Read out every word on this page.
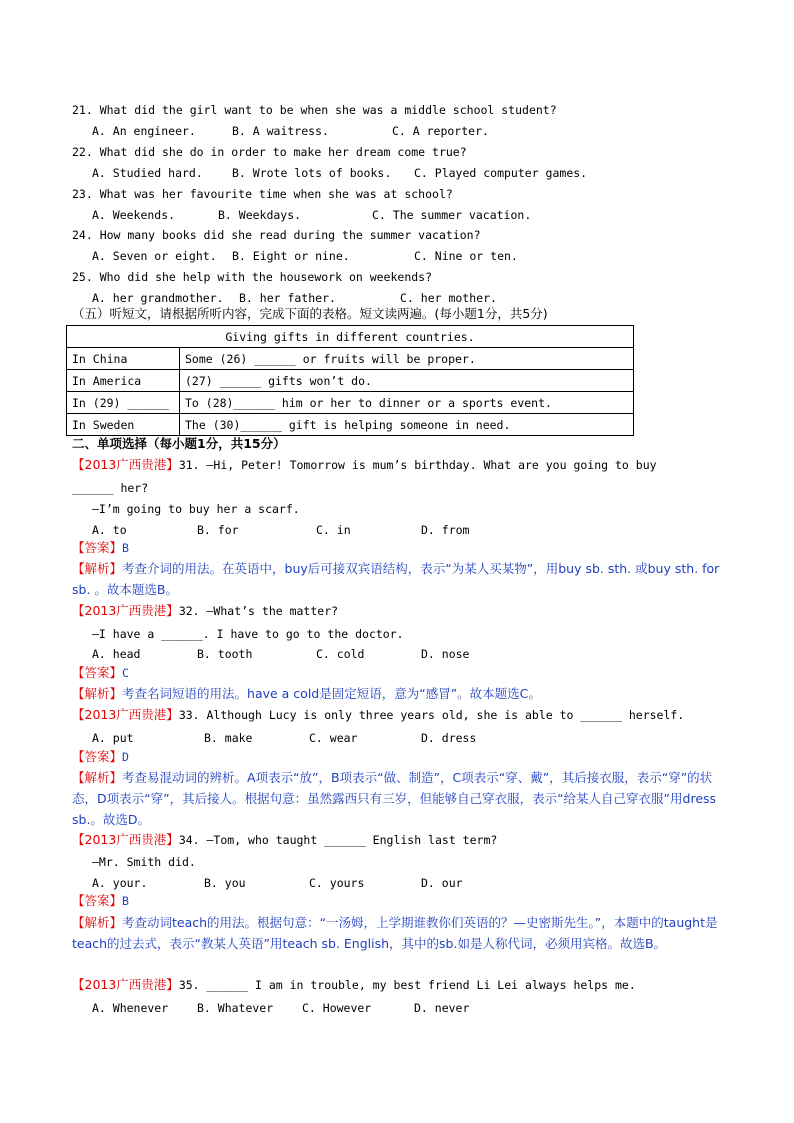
21. What did the girl want to be when she was a middle school student?
A. An engineer.	B. A waitress.	C. A reporter.
22. What did she do in order to make her dream come true?
A. Studied hard.	B. Wrote lots of books. C. Played computer games.
23. What was her favourite time when she was at school?
A. Weekends.	B. Weekdays.	C. The summer vacation.
24. How many books did she read during the summer vacation?
A. Seven or eight. B. Eight or nine.	C. Nine or ten.
25. Who did she help with the housework on weekends?
A. her grandmother. B. her father.	C. her mother.
（五）听短文，请根据所听内容，完成下面的表格。短文读两遍。(每小题1分，共5分)
Giving gifts in different countries.	
In China	Some (26) ______ or fruits will be proper.
In America	(27) ______ gifts won’t do.
In (29) ______	To (28)______ him or her to dinner or a sports event.
In Sweden	The (30)______ gift is helping someone in need.
二、单项选择（每小题1分，共15分）
【2013广西贵港】31. —Hi, Peter! Tomorrow is mum’s birthday. What are you going to buy
______ her?
—I’m going to buy her a scarf.
A. to	B. for	C. in	D. from
【答案】B
【解析】考查介词的用法。在英语中，buy后可接双宾语结构，表示“为某人买某物”，用buy sb. sth. 或buy sth. for sb. 。故本题选B。
【2013广西贵港】32. —What’s the matter?
—I have a ______. I have to go to the doctor.
A. head	B. tooth	C. cold	D. nose
【答案】C
【解析】考查名词短语的用法。have a cold是固定短语，意为“感冒”。故本题选C。
【2013广西贵港】33. Although Lucy is only three years old, she is able to ______ herself.
A. put	B. make	C. wear	D. dress
【答案】D
【解析】考查易混动词的辨析。A项表示“放”，B项表示“做、制造”，C项表示“穿、戴”，其后接衣服，表示“穿”的状态，D项表示“穿”，其后接人。根据句意：虽然露西只有三岁，但能够自己穿衣服，表示“给某人自己穿衣服”用dress sb.。故选D。
【2013广西贵港】34. —Tom, who taught ______ English last term?
—Mr. Smith did.
A. your.	B. you	C. yours	D. our
【答案】B
【解析】考查动词teach的用法。根据句意：“一汤姆，上学期谁教你们英语的？—史密斯先生。”，本题中的taught是teach的过去式，表示“教某人英语”用teach sb. English，其中的sb.如是人称代词，必须用宾格。故选B。
【2013广西贵港】35. ______ I am in trouble, my best friend Li Lei always helps me.
A. Whenever	B. Whatever	C. However	D. never
